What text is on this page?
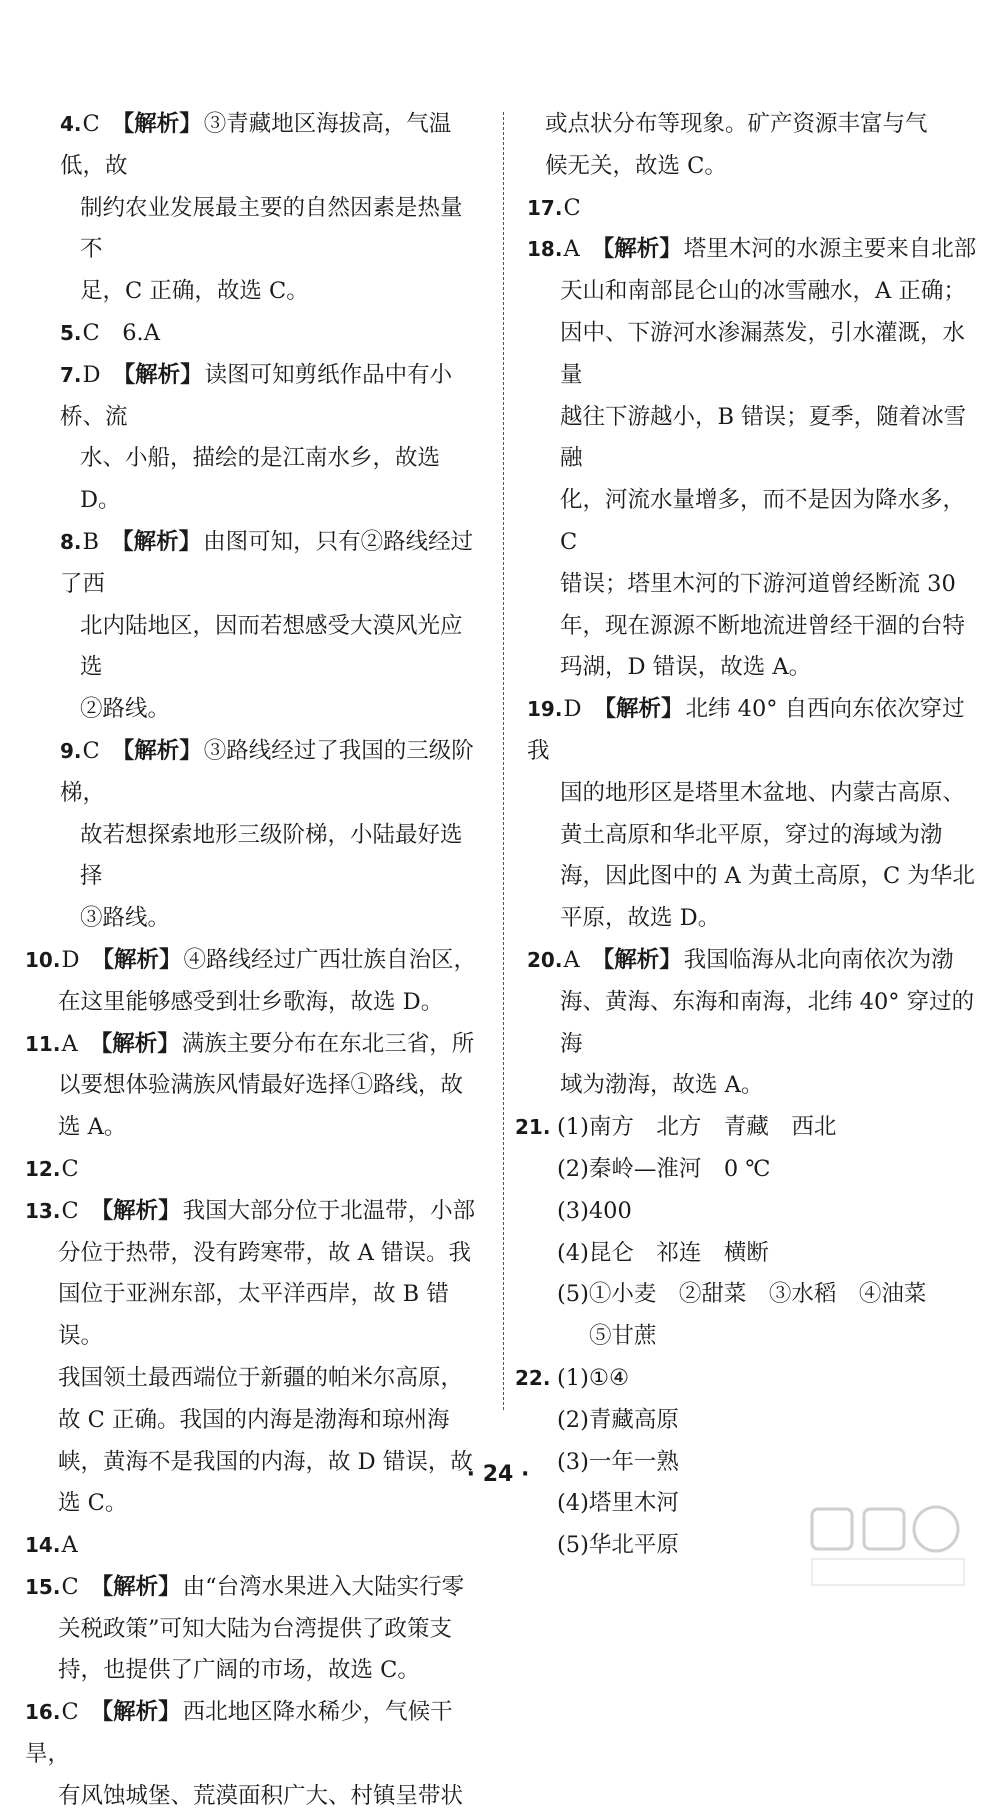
4.C 【解析】③青藏地区海拔高，气温低，故
制约农业发展最主要的自然因素是热量不
足，C 正确，故选 C。
5.C　6.A
7.D 【解析】读图可知剪纸作品中有小桥、流
水、小船，描绘的是江南水乡，故选 D。
8.B 【解析】由图可知，只有②路线经过了西
北内陆地区，因而若想感受大漠风光应选
②路线。
9.C 【解析】③路线经过了我国的三级阶梯，
故若想探索地形三级阶梯，小陆最好选择
③路线。
10.D 【解析】④路线经过广西壮族自治区，
在这里能够感受到壮乡歌海，故选 D。
11.A 【解析】满族主要分布在东北三省，所
以要想体验满族风情最好选择①路线，故
选 A。
12.C
13.C 【解析】我国大部分位于北温带，小部
分位于热带，没有跨寒带，故 A 错误。我
国位于亚洲东部，太平洋西岸，故 B 错误。
我国领土最西端位于新疆的帕米尔高原，
故 C 正确。我国的内海是渤海和琼州海
峡，黄海不是我国的内海，故 D 错误，故
选 C。
14.A
15.C 【解析】由“台湾水果进入大陆实行零
关税政策”可知大陆为台湾提供了政策支
持，也提供了广阔的市场，故选 C。
16.C 【解析】西北地区降水稀少，气候干旱，
有风蚀城堡、荒漠面积广大、村镇呈带状
或点状分布等现象。矿产资源丰富与气
候无关，故选 C。
17.C
18.A 【解析】塔里木河的水源主要来自北部
天山和南部昆仑山的冰雪融水，A 正确；
因中、下游河水渗漏蒸发，引水灌溉，水量
越往下游越小，B 错误；夏季，随着冰雪融
化，河流水量增多，而不是因为降水多，C
错误；塔里木河的下游河道曾经断流 30
年，现在源源不断地流进曾经干涸的台特
玛湖，D 错误，故选 A。
19.D 【解析】北纬 40° 自西向东依次穿过我
国的地形区是塔里木盆地、内蒙古高原、
黄土高原和华北平原，穿过的海域为渤
海，因此图中的 A 为黄土高原，C 为华北
平原，故选 D。
20.A 【解析】我国临海从北向南依次为渤
海、黄海、东海和南海，北纬 40° 穿过的海
域为渤海，故选 A。
21. (1)南方　北方　青藏　西北
(2)秦岭—淮河　0 ℃
(3)400
(4)昆仑　祁连　横断
(5)①小麦　②甜菜　③水稻　④油菜
⑤甘蔗
22. (1)①④
(2)青藏高原
(3)一年一熟
(4)塔里木河
(5)华北平原
· 24 ·
